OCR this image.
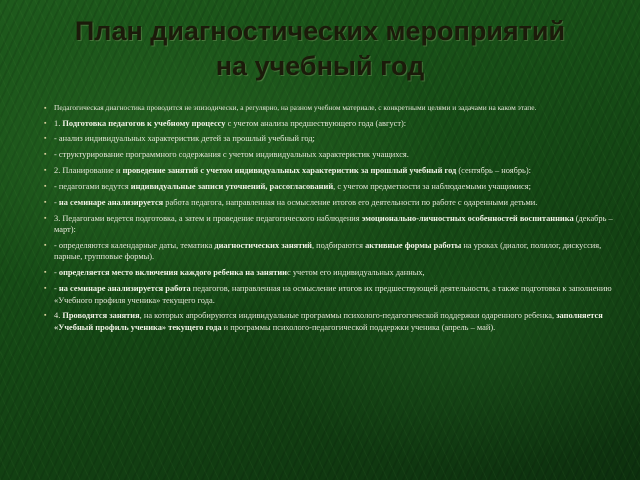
План диагностических мероприятий
на учебный год
▪	Педагогическая диагностика проводится не эпизодически, а регулярно, на разном учебном материале, с конкретными целями и задачами на каком этапе.
▪ 1. Подготовка педагогов к учебному процессу с учетом анализа предшествующего года (август):
▪ - анализ индивидуальных характеристик детей за прошлый учебный год;
▪ - структурирование программного содержания с учетом индивидуальных характеристик учащихся.
▪ 2. Планирование и проведение занятий с учетом индивидуальных характеристик за прошлый учебный год (сентябрь – ноябрь):
▪ - педагогами ведутся индивидуальные записи уточнений, рассогласований, с учетом предметности за наблюдаемыми учащимися;
▪ - на семинаре анализируется работа педагога, направленная на осмысление итогов его деятельности по работе с одаренными детьми.
▪ 3. Педагогами ведется подготовка, а затем и проведение педагогического наблюдения эмоционально-личностных особенностей воспитанника (декабрь – март):
▪ - определяются календарные даты, тематика диагностических занятий, подбираются активные формы работы на уроках (диалог, полилог, дискуссия, парные, групповые формы).
▪ - определяется место включения каждого ребенка на занятиис учетом его индивидуальных данных,
▪ - на семинаре анализируется работа педагогов, направленная на осмысление итогов их предшествующей деятельности, а также подготовка к заполнению «Учебного профиля ученика» текущего года.
▪ 4. Проводятся занятия, на которых апробируются индивидуальные программы психолого-педагогической поддержки одаренного ребенка, заполняется «Учебный профиль ученика» текущего года и программы психолого-педагогической поддержки ученика (апрель – май).
